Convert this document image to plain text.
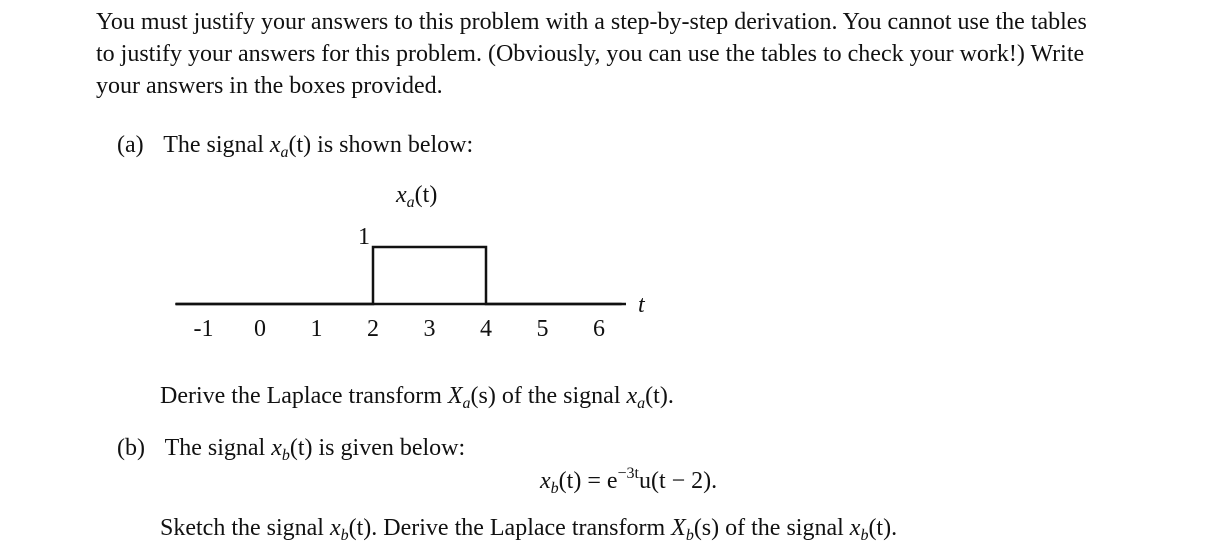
You must justify your answers to this problem with a step-by-step derivation. You cannot use the tables
to justify your answers for this problem. (Obviously, you can use the tables to check your work!) Write
your answers in the boxes provided.
(a) The signal $x_a(t)$ is shown below:
$x_a(t)$
t
-1 0 1 2 3 4 5 6
1
Derive the Laplace transform $X_a(s)$ of the signal $x_a(t)$.
(b) The signal $x_b(t)$ is given below:
$x_b(t) = e^{-3t}u(t - 2)$.
Sketch the signal $x_b(t)$. Derive the Laplace transform $X_b(s)$ of the signal $x_b(t)$.
